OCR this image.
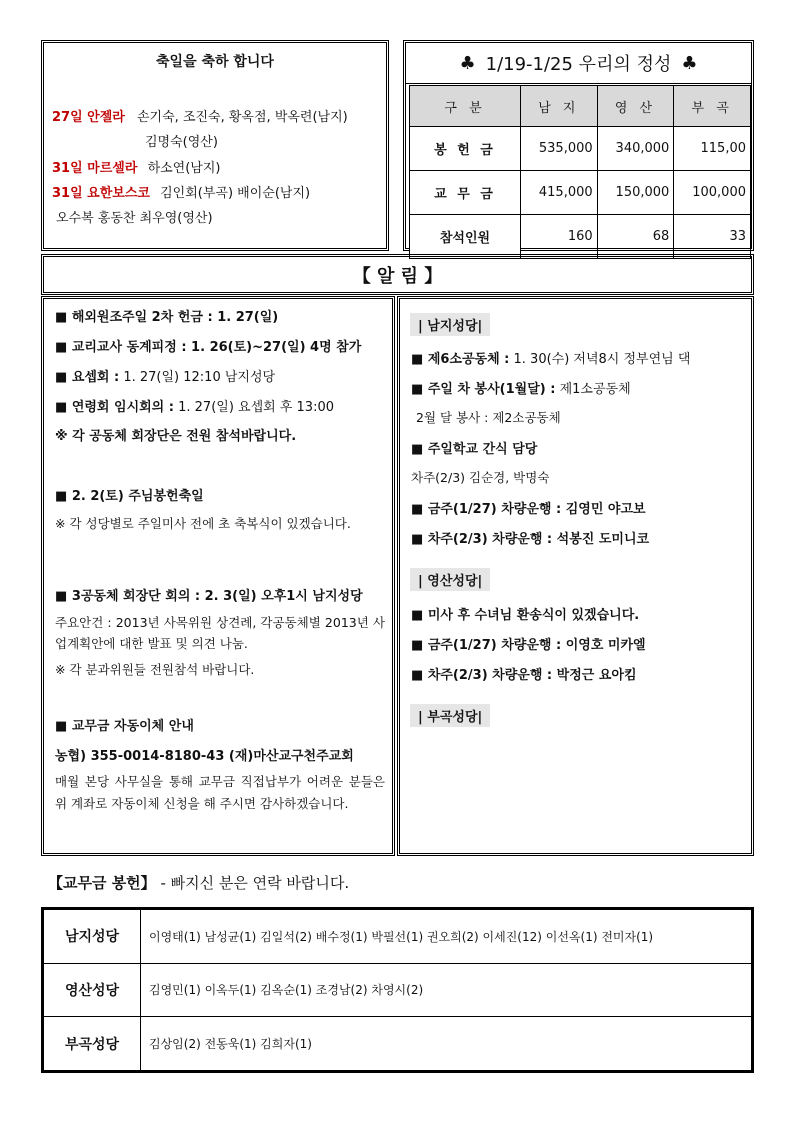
축일을 축하 합니다
27일 안젤라 손기숙, 조진숙, 황옥점, 박옥련(남지)
김명숙(영산)
31일 마르셀라 하소연(남지)
31일 요한보스코 김인회(부곡) 배이순(남지)
오수복 홍동찬 최우영(영산)
♣ 1/19-1/25 우리의 정성 ♣
구 분	남 지	영 산	부 곡
봉 헌 금	535,000	340,000	115,00
교 무 금	415,000	150,000	100,000
참석인원	160	68	33
【 알 림 】
■ 해외원조주일 2차 헌금 : 1. 27(일)
■ 교리교사 동계피정 : 1. 26(토)~27(일) 4명 참가
■ 요셉회 : 1. 27(일) 12:10 남지성당
■ 연령회 임시회의 : 1. 27(일) 요셉회 후 13:00
※ 각 공동체 회장단은 전원 참석바랍니다.
■ 2. 2(토) 주님봉헌축일
※ 각 성당별로 주일미사 전에 초 축복식이 있겠습니다.
■ 3공동체 회장단 회의 : 2. 3(일) 오후1시 남지성당
주요안건 : 2013년 사목위원 상견례, 각공동체별 2013년 사업계획안에 대한 발표 및 의견 나눔.
※ 각 분과위원들 전원참석 바랍니다.
■ 교무금 자동이체 안내
농협) 355-0014-8180-43 (재)마산교구천주교회
매월 본당 사무실을 통해 교무금 직접납부가 어려운 분들은 위 계좌로 자동이체 신청을 해 주시면 감사하겠습니다.
| 남지성당|
■ 제6소공동체 : 1. 30(수) 저녁8시 정부연님 댁
■ 주일 차 봉사(1월달) : 제1소공동체
2월 달 봉사 : 제2소공동체
■ 주일학교 간식 담당
차주(2/3) 김순경, 박명숙
■ 금주(1/27) 차량운행 : 김영민 야고보
■ 차주(2/3) 차량운행 : 석봉진 도미니코
| 영산성당|
■ 미사 후 수녀님 환송식이 있겠습니다.
■ 금주(1/27) 차량운행 : 이영호 미카엘
■ 차주(2/3) 차량운행 : 박정근 요아킴
| 부곡성당|
【교무금 봉헌】 - 빠지신 분은 연락 바랍니다.
남지성당	이영태(1) 남성균(1) 김일석(2) 배수정(1) 박필선(1) 권오희(2) 이세진(12) 이선옥(1) 전미자(1)
영산성당	김영민(1) 이옥두(1) 김옥순(1) 조경남(2) 차영시(2)
부곡성당	김상임(2) 전동욱(1) 김희자(1)
